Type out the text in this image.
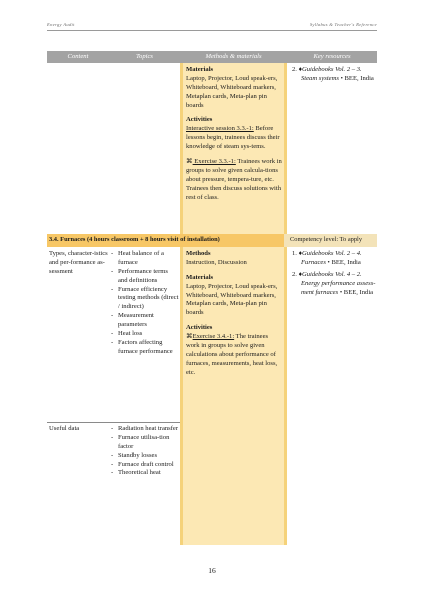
Energy Audit	Syllabus & Teacher's Reference
Content	Topics	Methods & materials	Key resources
Materials
Laptop, Projector, Loud speak-ers, Whiteboard, Whiteboard markers, Metaplan cards, Meta-plan pin boards
Activities
Interactive session 3.3.-1: Before lessons begin, trainees discuss their knowledge of steam sys-tems.
⌘ Exercise 3.3.-1: Trainees work in groups to solve given calcula-tions about pressure, tempera-ture, etc. Trainees then discuss solutions with rest of class.
2. ♦Guidebooks Vol. 2 – 3. Steam systems • BEE, India
3.4. Furnaces (4 hours classroom + 8 hours visit of installation)	Competency level: To apply
Types, character-istics and per-formance as-sessment
- Heat balance of a furnace
- Performance terms and definitions
- Furnace efficiency testing methods (direct / indirect)
- Measurement parameters
- Heat loss
- Factors affecting furnace performance
Methods
Instruction, Discussion
Materials
Laptop, Projector, Loud speak-ers, Whiteboard, Whiteboard markers, Metaplan cards, Meta-plan pin boards
Activities
⌘Exercise 3.4.-1: The trainees work in groups to solve given calculations about performance of furnaces, measurements, heat loss, etc.
1. ♦Guidebooks Vol. 2 – 4. Furnaces • BEE, India
2. ♦Guidebooks Vol. 4 – 2. Energy performance assess-ment furnaces • BEE, India
Useful data
-	Radiation heat transfer
- Furnace utilisa-tion factor
- Standby losses
- Furnace draft control
- Theoretical heat
16
